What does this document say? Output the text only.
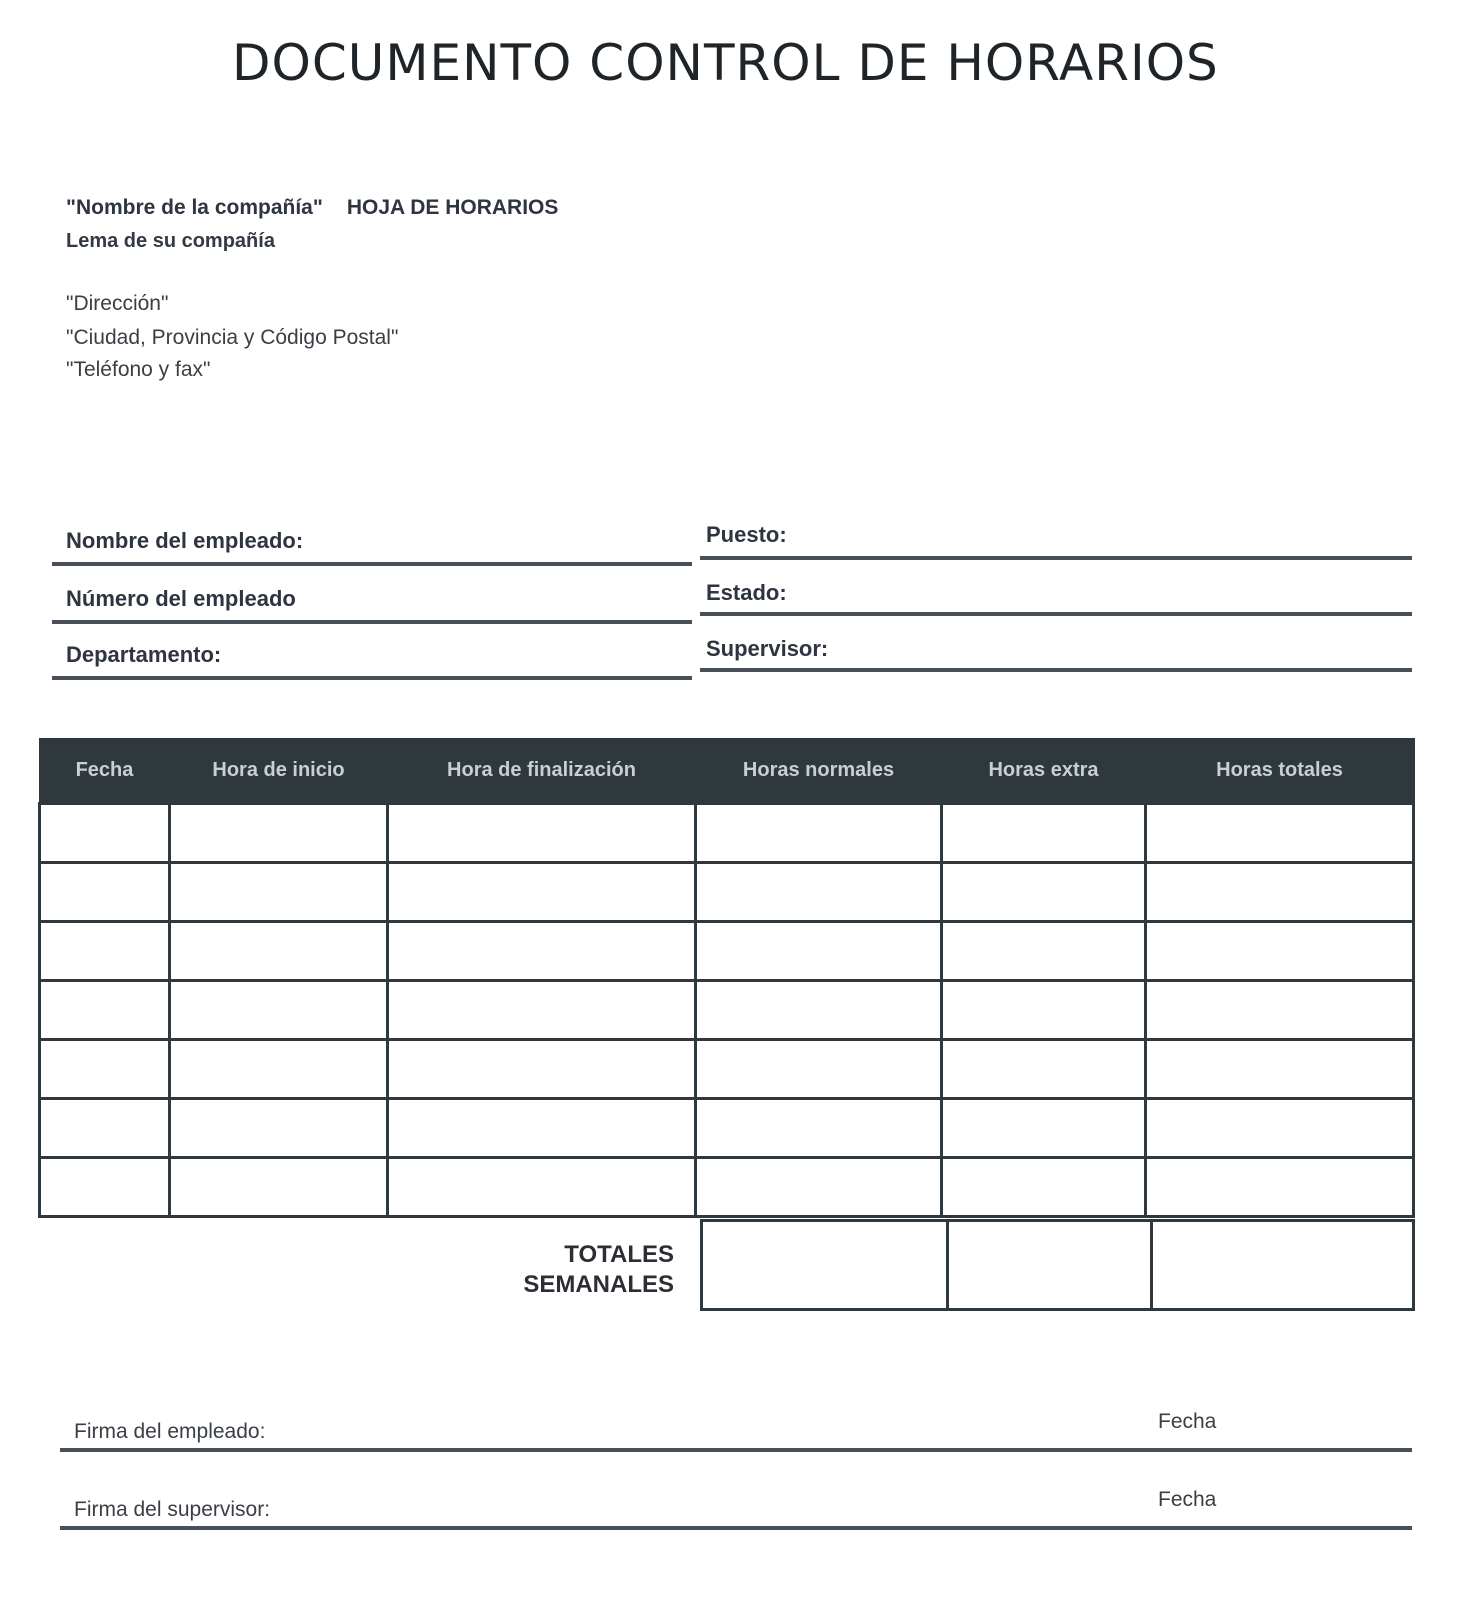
DOCUMENTO CONTROL DE HORARIOS
"Nombre de la compañía" HOJA DE HORARIOS
Lema de su compañía
"Dirección"
"Ciudad, Provincia y Código Postal"
"Teléfono y fax"
Nombre del empleado:	Puesto:
Número del empleado	Estado:
Departamento:	Supervisor:
Fecha	Hora de inicio	Hora de finalización	Horas normales	Horas extra	Horas totales

TOTALES
SEMANALES

Firma del empleado:	Fecha
Firma del supervisor:	Fecha
